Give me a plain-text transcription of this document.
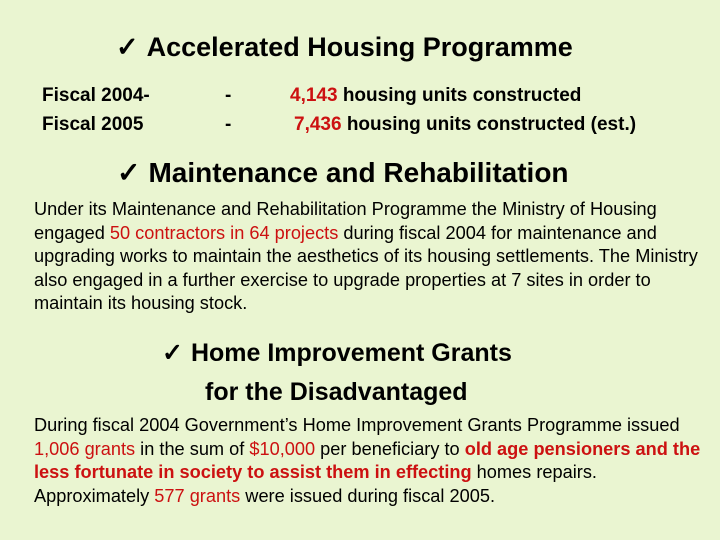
✓ Accelerated Housing Programme
Fiscal 2004-	-	4,143 housing units constructed
Fiscal 2005	-	7,436 housing units constructed (est.)
✓ Maintenance and Rehabilitation
Under its Maintenance and Rehabilitation Programme the Ministry of Housing engaged 50 contractors in 64 projects during fiscal 2004 for maintenance and upgrading works to maintain the aesthetics of its housing settlements. The Ministry also engaged in a further exercise to upgrade properties at 7 sites in order to maintain its housing stock.
✓ Home Improvement Grants
for the Disadvantaged
During fiscal 2004 Government’s Home Improvement Grants Programme issued 1,006 grants in the sum of $10,000 per beneficiary to old age pensioners and the less fortunate in society to assist them in effecting homes repairs. Approximately 577 grants were issued during fiscal 2005.
